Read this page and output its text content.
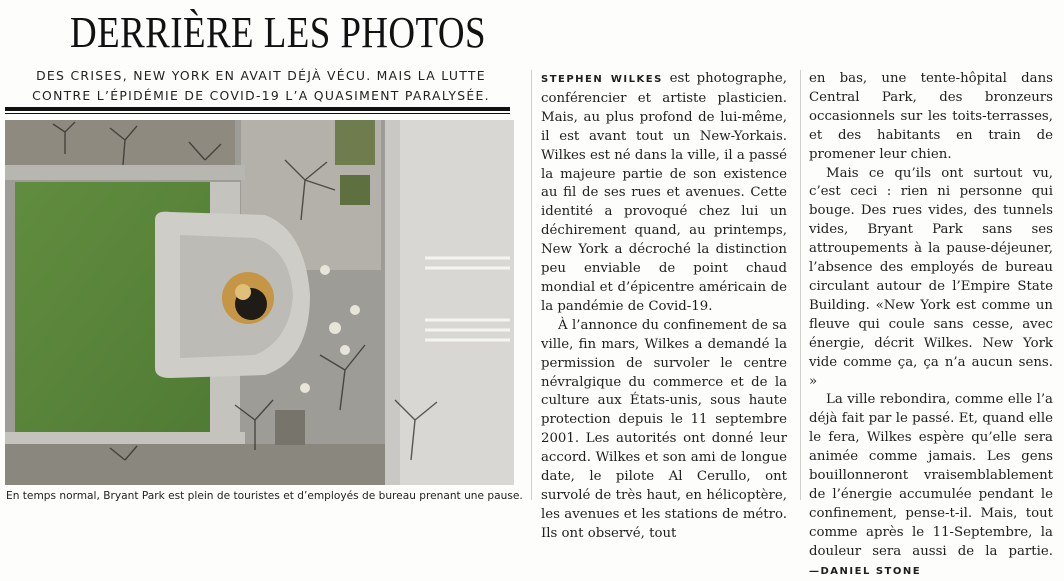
DERRIÈRE LES PHOTOS
DES CRISES, NEW YORK EN AVAIT DÉJÀ VÉCU. MAIS LA LUTTE CONTRE L’ÉPIDÉMIE DE COVID-19 L’A QUASIMENT PARALYSÉE.
En temps normal, Bryant Park est plein de touristes et d’employés de bureau prenant une pause.

STEPHEN WILKES est photographe, conférencier et artiste plasticien. Mais, au plus profond de lui-même, il est avant tout un New-Yorkais. Wilkes est né dans la ville, il a passé la majeure partie de son existence au fil de ses rues et avenues. Cette identité a provoqué chez lui un déchirement quand, au printemps, New York a décroché la distinction peu enviable de point chaud mondial et d’épicentre américain de la pandémie de Covid-19.

À l’annonce du confinement de sa ville, fin mars, Wilkes a demandé la permission de survoler le centre névralgique du commerce et de la culture aux États-unis, sous haute protection depuis le 11 septembre 2001. Les autorités ont donné leur accord. Wilkes et son ami de longue date, le pilote Al Cerullo, ont survolé de très haut, en hélicoptère, les avenues et les stations de métro. Ils ont observé, tout

en bas, une tente-hôpital dans Central Park, des bronzeurs occasionnels sur les toits-terrasses, et des habitants en train de promener leur chien.

Mais ce qu’ils ont surtout vu, c’est ceci : rien ni personne qui bouge. Des rues vides, des tunnels vides, Bryant Park sans ses attroupements à la pause-déjeuner, l’absence des employés de bureau circulant autour de l’Empire State Building. «New York est comme un fleuve qui coule sans cesse, avec énergie, décrit Wilkes. New York vide comme ça, ça n’a aucun sens. »

La ville rebondira, comme elle l’a déjà fait par le passé. Et, quand elle le fera, Wilkes espère qu’elle sera animée comme jamais. Les gens bouillonneront vraisemblablement de l’énergie accumulée pendant le confinement, pense-t-il. Mais, tout comme après le 11-Septembre, la douleur sera aussi de la partie. —DANIEL STONE
